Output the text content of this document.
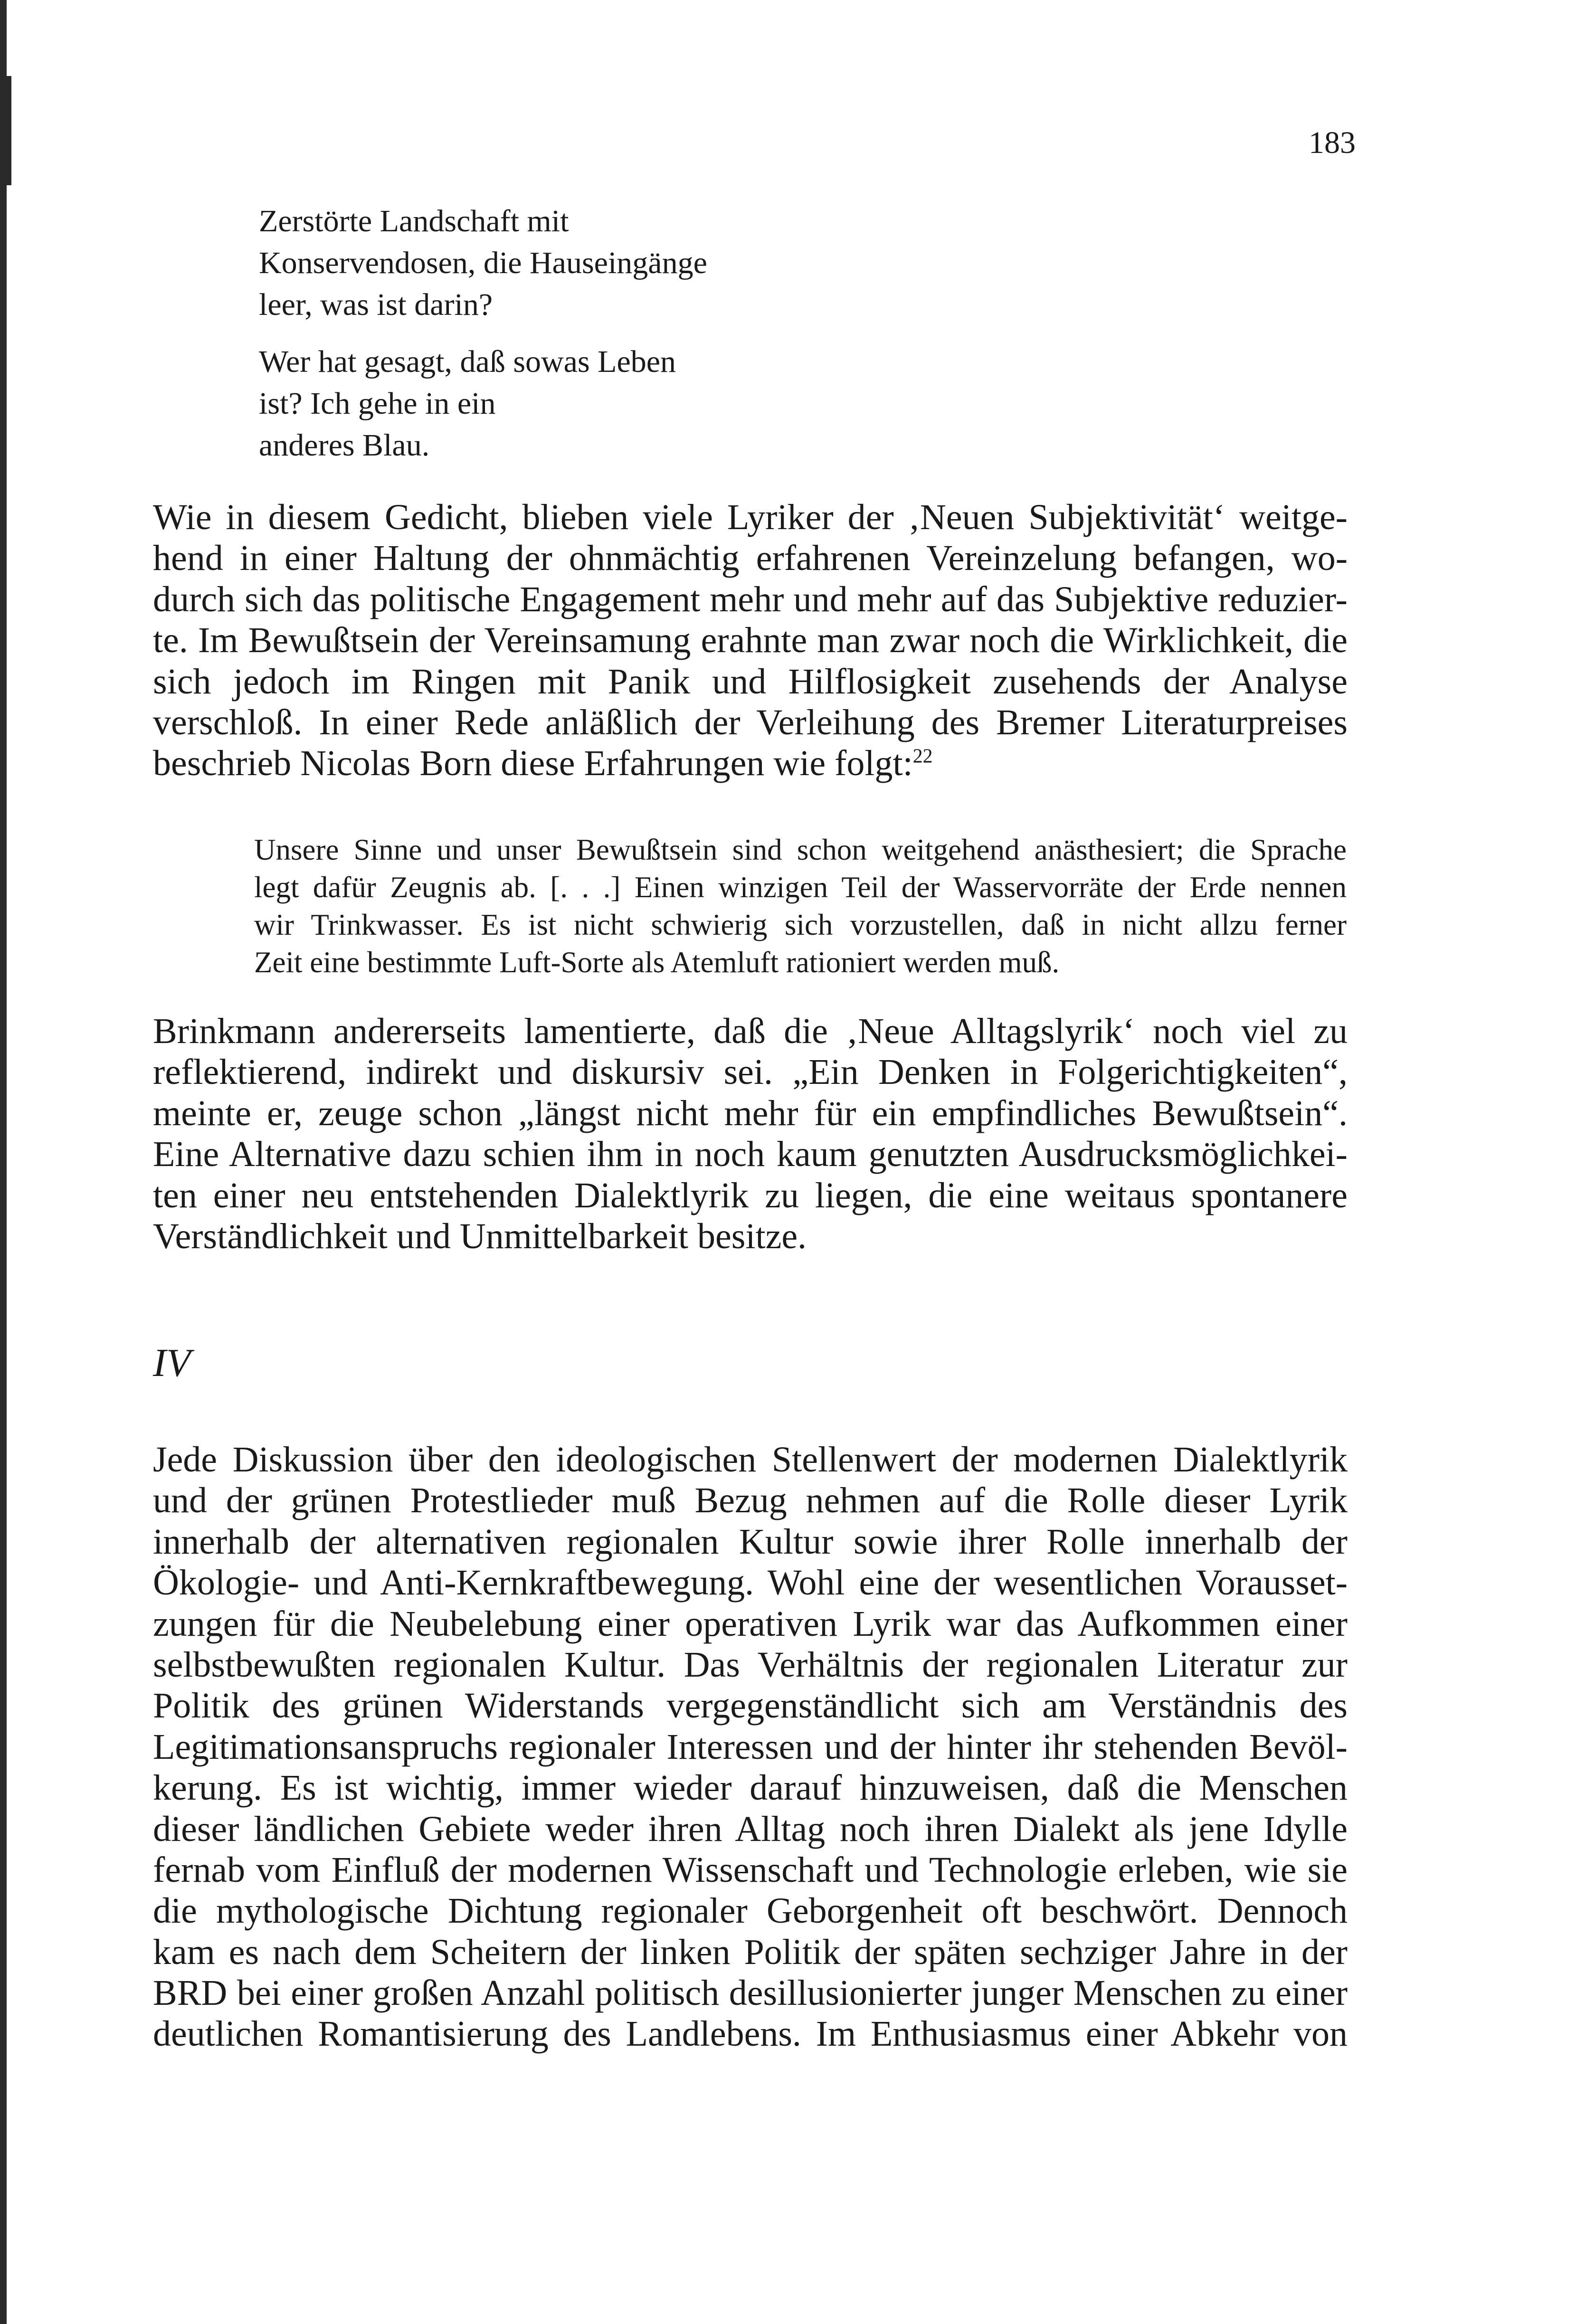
183
Zerstörte Landschaft mit
Konservendosen, die Hauseingänge
leer, was ist darin?
Wer hat gesagt, daß sowas Leben
ist? Ich gehe in ein
anderes Blau.
Wie in diesem Gedicht, blieben viele Lyriker der ‚Neuen Subjektivität‘ weitge-
hend in einer Haltung der ohnmächtig erfahrenen Vereinzelung befangen, wo-
durch sich das politische Engagement mehr und mehr auf das Subjektive reduzier-
te. Im Bewußtsein der Vereinsamung erahnte man zwar noch die Wirklichkeit, die
sich jedoch im Ringen mit Panik und Hilflosigkeit zusehends der Analyse
verschloß. In einer Rede anläßlich der Verleihung des Bremer Literaturpreises
beschrieb Nicolas Born diese Erfahrungen wie folgt:$^{22}$
Unsere Sinne und unser Bewußtsein sind schon weitgehend anästhesiert; die Sprache
legt dafür Zeugnis ab. [. . .] Einen winzigen Teil der Wasservorräte der Erde nennen
wir Trinkwasser. Es ist nicht schwierig sich vorzustellen, daß in nicht allzu ferner
Zeit eine bestimmte Luft-Sorte als Atemluft rationiert werden muß.
Brinkmann andererseits lamentierte, daß die ‚Neue Alltagslyrik‘ noch viel zu
reflektierend, indirekt und diskursiv sei. „Ein Denken in Folgerichtigkeiten“,
meinte er, zeuge schon „längst nicht mehr für ein empfindliches Bewußtsein“.
Eine Alternative dazu schien ihm in noch kaum genutzten Ausdrucksmöglichkei-
ten einer neu entstehenden Dialektlyrik zu liegen, die eine weitaus spontanere
Verständlichkeit und Unmittelbarkeit besitze.
IV
Jede Diskussion über den ideologischen Stellenwert der modernen Dialektlyrik
und der grünen Protestlieder muß Bezug nehmen auf die Rolle dieser Lyrik
innerhalb der alternativen regionalen Kultur sowie ihrer Rolle innerhalb der
Ökologie- und Anti-Kernkraftbewegung. Wohl eine der wesentlichen Vorausset-
zungen für die Neubelebung einer operativen Lyrik war das Aufkommen einer
selbstbewußten regionalen Kultur. Das Verhältnis der regionalen Literatur zur
Politik des grünen Widerstands vergegenständlicht sich am Verständnis des
Legitimationsanspruchs regionaler Interessen und der hinter ihr stehenden Bevöl-
kerung. Es ist wichtig, immer wieder darauf hinzuweisen, daß die Menschen
dieser ländlichen Gebiete weder ihren Alltag noch ihren Dialekt als jene Idylle
fernab vom Einfluß der modernen Wissenschaft und Technologie erleben, wie sie
die mythologische Dichtung regionaler Geborgenheit oft beschwört. Dennoch
kam es nach dem Scheitern der linken Politik der späten sechziger Jahre in der
BRD bei einer großen Anzahl politisch desillusionierter junger Menschen zu einer
deutlichen Romantisierung des Landlebens. Im Enthusiasmus einer Abkehr von
